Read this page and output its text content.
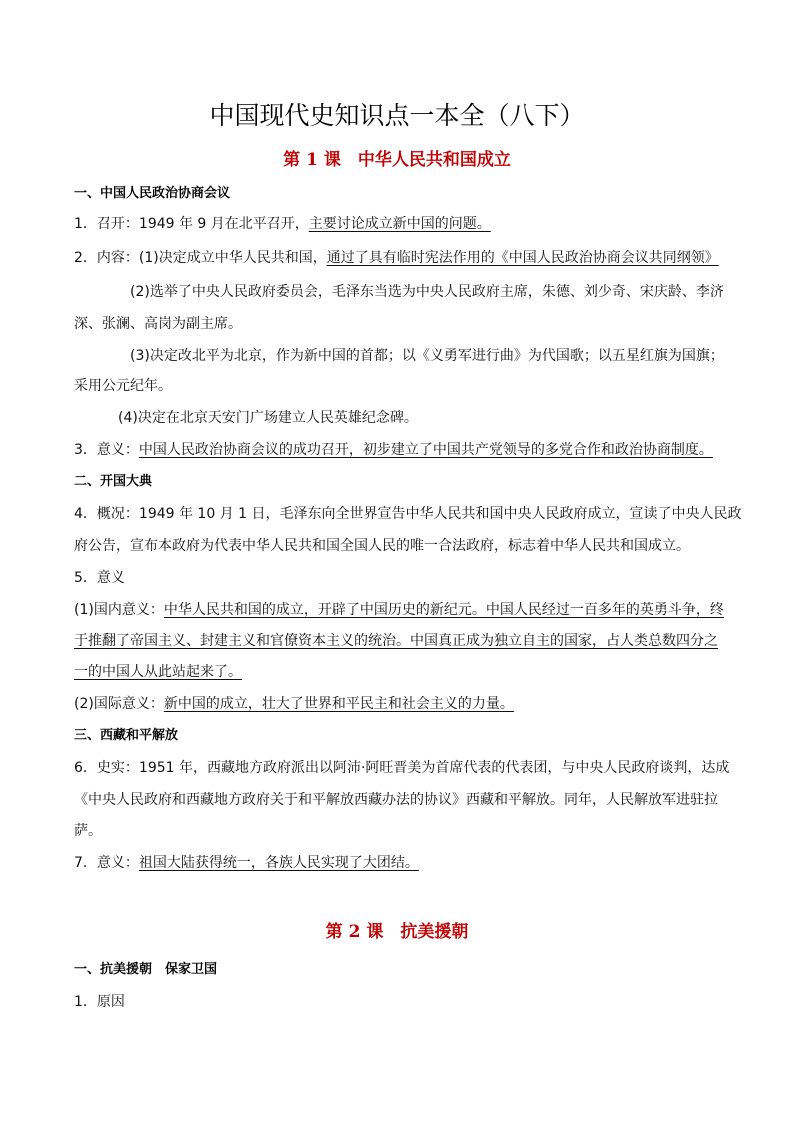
中国现代史知识点一本全（八下）
第 1 课　中华人民共和国成立
一、中国人民政治协商会议
1．召开：1949 年 9 月在北平召开，主要讨论成立新中国的问题。
2．内容：(1)决定成立中华人民共和国，通过了具有临时宪法作用的《中国人民政治协商会议共同纲领》
(2)选举了中央人民政府委员会，毛泽东当选为中央人民政府主席，朱德、刘少奇、宋庆龄、李济
深、张澜、高岗为副主席。
(3)决定改北平为北京，作为新中国的首都；以《义勇军进行曲》为代国歌；以五星红旗为国旗；
采用公元纪年。
(4)决定在北京天安门广场建立人民英雄纪念碑。
3．意义：中国人民政治协商会议的成功召开，初步建立了中国共产党领导的多党合作和政治协商制度。
二、开国大典
4．概况：1949 年 10 月 1 日，毛泽东向全世界宣告中华人民共和国中央人民政府成立，宣读了中央人民政
府公告，宣布本政府为代表中华人民共和国全国人民的唯一合法政府，标志着中华人民共和国成立。
5．意义
(1)国内意义：中华人民共和国的成立，开辟了中国历史的新纪元。中国人民经过一百多年的英勇斗争，终
于推翻了帝国主义、封建主义和官僚资本主义的统治。中国真正成为独立自主的国家，占人类总数四分之
一的中国人从此站起来了。
(2)国际意义：新中国的成立，壮大了世界和平民主和社会主义的力量。
三、西藏和平解放
6．史实：1951 年，西藏地方政府派出以阿沛·阿旺晋美为首席代表的代表团，与中央人民政府谈判，达成
《中央人民政府和西藏地方政府关于和平解放西藏办法的协议》西藏和平解放。同年，人民解放军进驻拉
萨。
7．意义：祖国大陆获得统一，各族人民实现了大团结。
第 2 课　抗美援朝
一、抗美援朝　保家卫国
1．原因
